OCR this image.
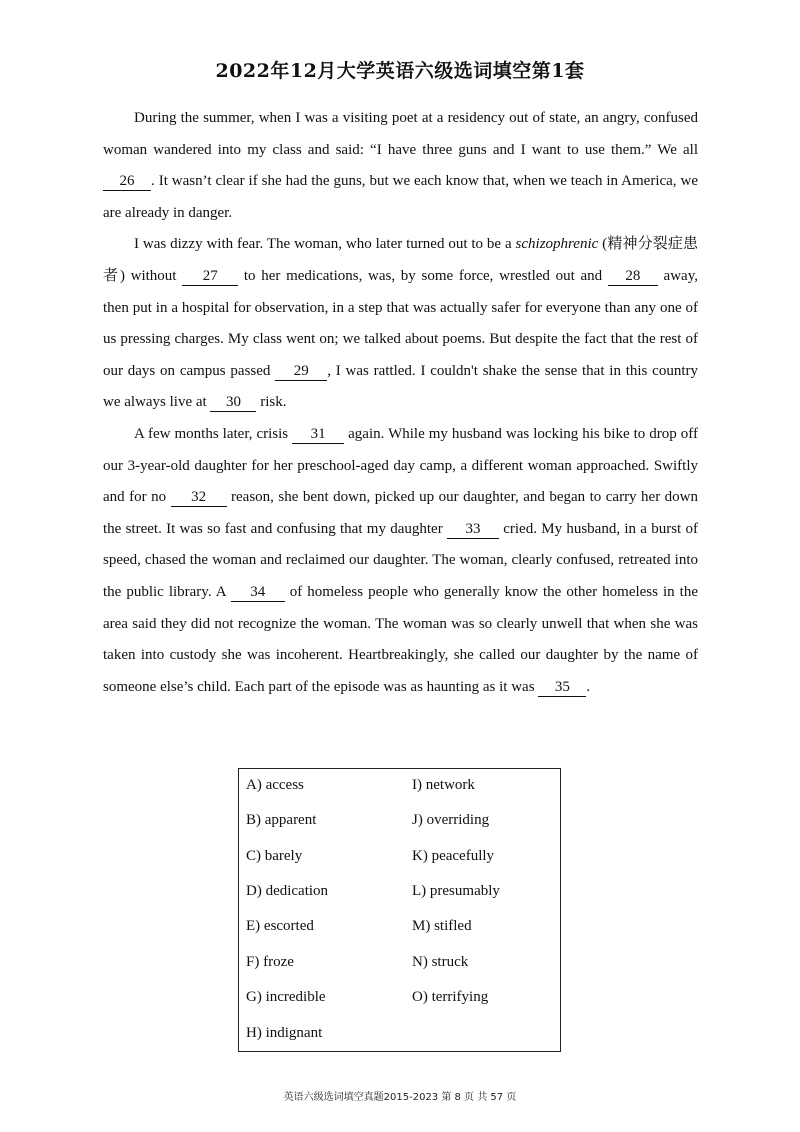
2022年12月大学英语六级选词填空第1套

During the summer, when I was a visiting poet at a residency out of state, an angry, confused woman wandered into my class and said: “I have three guns and I want to use them.” We all 26 . It wasn’t clear if she had the guns, but we each know that, when we teach in America, we are already in danger.

I was dizzy with fear. The woman, who later turned out to be a schizophrenic (精神分裂症患者) without 27 to her medications, was, by some force, wrestled out and 28 away, then put in a hospital for observation, in a step that was actually safer for everyone than any one of us pressing charges. My class went on; we talked about poems. But despite the fact that the rest of our days on campus passed 29 , I was rattled. I couldn't shake the sense that in this country we always live at 30 risk.

A few months later, crisis 31 again. While my husband was locking his bike to drop off our 3-year-old daughter for her preschool-aged day camp, a different woman approached. Swiftly and for no 32 reason, she bent down, picked up our daughter, and began to carry her down the street. It was so fast and confusing that my daughter 33 cried. My husband, in a burst of speed, chased the woman and reclaimed our daughter. The woman, clearly confused, retreated into the public library. A 34 of homeless people who generally know the other homeless in the area said they did not recognize the woman. The woman was so clearly unwell that when she was taken into custody she was incoherent. Heartbreakingly, she called our daughter by the name of someone else’s child. Each part of the episode was as haunting as it was 35 .

A) access
B) apparent
C) barely
D) dedication
E) escorted
F) froze
G) incredible
H) indignant
I) network
J) overriding
K) peacefully
L) presumably
M) stifled
N) struck
O) terrifying
英语六级选词填空真题2015-2023 第 8 页 共 57 页
